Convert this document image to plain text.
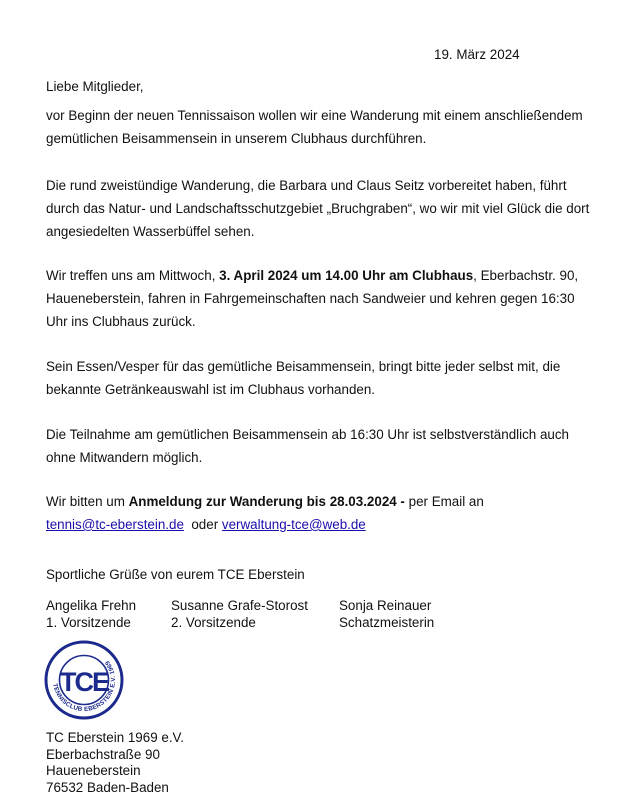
19. März 2024
Liebe Mitglieder,
vor Beginn der neuen Tennissaison wollen wir eine Wanderung mit einem anschließendem gemütlichen Beisammensein in unserem Clubhaus durchführen.
Die rund zweistündige Wanderung, die Barbara und Claus Seitz vorbereitet haben, führt durch das Natur- und Landschaftsschutzgebiet „Bruchgraben“, wo wir mit viel Glück die dort angesiedelten Wasserbüffel sehen.
Wir treffen uns am Mittwoch, 3. April 2024 um 14.00 Uhr am Clubhaus, Eberbachstr. 90, Haueneberstein, fahren in Fahrgemeinschaften nach Sandweier und kehren gegen 16:30 Uhr ins Clubhaus zurück.
Sein Essen/Vesper für das gemütliche Beisammensein, bringt bitte jeder selbst mit, die bekannte Getränkeauswahl ist im Clubhaus vorhanden.
Die Teilnahme am gemütlichen Beisammensein ab 16:30 Uhr ist selbstverständlich auch ohne Mitwandern möglich.
Wir bitten um Anmeldung zur Wanderung bis 28.03.2024 - per Email an
tennis@tc-eberstein.de oder verwaltung-tce@web.de
Sportliche Grüße von eurem TCE Eberstein
Angelika Frehn
1. Vorsitzende
Susanne Grafe-Storost
2. Vorsitzende
Sonja Reinauer
Schatzmeisterin
TENNISCLUB EBERSTEIN E.V. 1969
TCE
TC Eberstein 1969 e.V.
Eberbachstraße 90
Haueneberstein
76532 Baden-Baden
